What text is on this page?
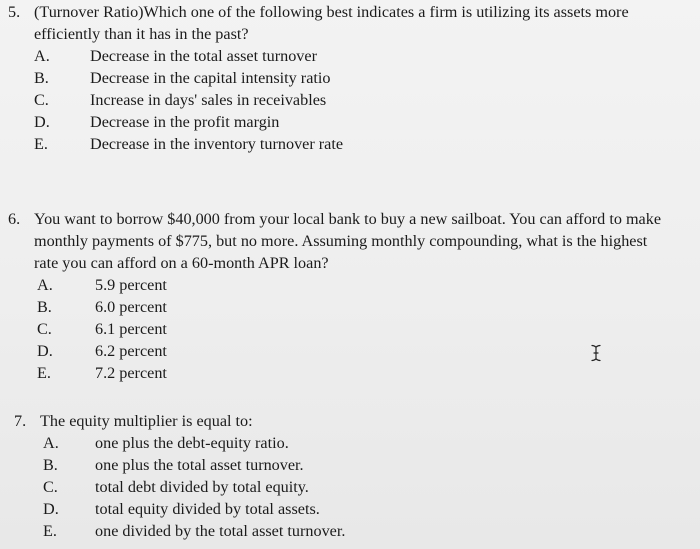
5. (Turnover Ratio)Which one of the following best indicates a firm is utilizing its assets more
efficiently than it has in the past?
A.	Decrease in the total asset turnover
B.	Decrease in the capital intensity ratio
C.	Increase in days' sales in receivables
D.	Decrease in the profit margin
E.	Decrease in the inventory turnover rate
6. You want to borrow $40,000 from your local bank to buy a new sailboat. You can afford to make
monthly payments of $775, but no more. Assuming monthly compounding, what is the highest
rate you can afford on a 60-month APR loan?
A.	5.9 percent
B.	6.0 percent
C.	6.1 percent
D.	6.2 percent
E.	7.2 percent
7. The equity multiplier is equal to:
A.	one plus the debt-equity ratio.
B.	one plus the total asset turnover.
C.	total debt divided by total equity.
D.	total equity divided by total assets.
E.	one divided by the total asset turnover.
